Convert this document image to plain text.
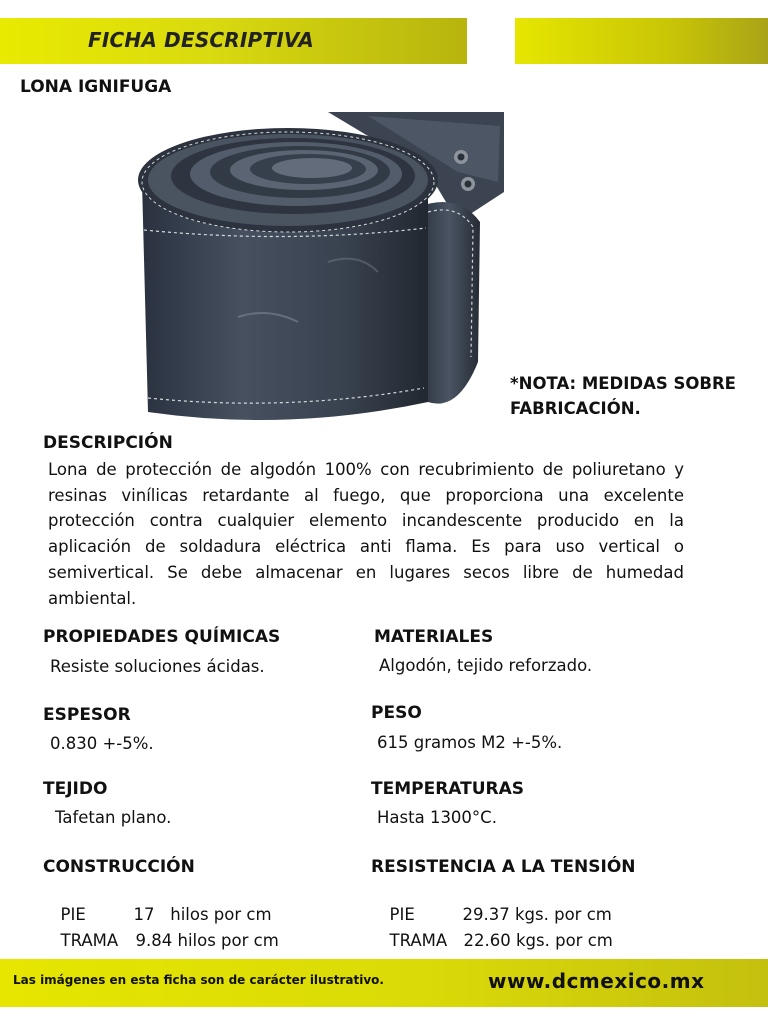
FICHA DESCRIPTIVA
LONA IGNIFUGA
*NOTA: MEDIDAS SOBRE FABRICACIÓN.
DESCRIPCIÓN
Lona de protección de algodón 100% con recubrimiento de poliuretano y resinas vinílicas retardante al fuego, que proporciona una excelente protección contra cualquier elemento incandescente producido en la aplicación de soldadura eléctrica anti flama. Es para uso vertical o semivertical. Se debe almacenar en lugares secos libre de humedad ambiental.
PROPIEDADES QUÍMICAS
Resiste soluciones ácidas.
ESPESOR
0.830 +-5%.
TEJIDO
Tafetan plano.
CONSTRUCCIÓN

PIE	17   hilos por cm

TRAMA 9.84 hilos por cm

MATERIALES
Algodón, tejido reforzado.
PESO
615 gramos M2 +-5%.
TEMPERATURAS
Hasta 1300°C.
RESISTENCIA A LA TENSIÓN

PIE	29.37 kgs. por cm

TRAMA 22.60 kgs. por cm

Las imágenes en esta ficha son de carácter ilustrativo.	www.dcmexico.mx
